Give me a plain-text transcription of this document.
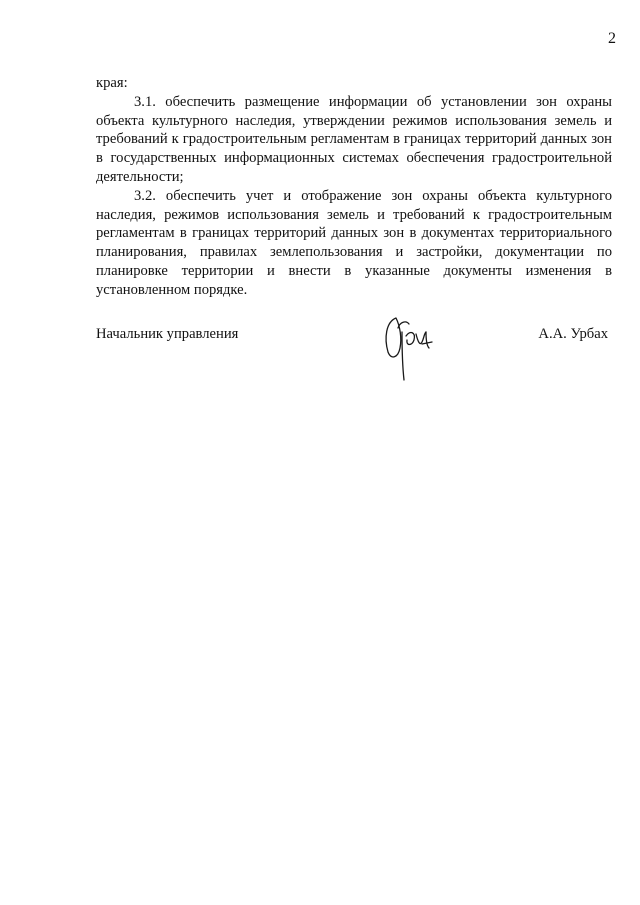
2

края:

3.1. обеспечить размещение информации об установлении зон охраны объекта культурного наследия, утверждении режимов использования земель и требований к градостроительным регламентам в границах территорий данных зон в государственных информационных системах обеспечения градостроительной деятельности;

3.2. обеспечить учет и отображение зон охраны объекта культурного наследия, режимов использования земель и требований к градостроительным регламентам в границах территорий данных зон в документах территориального планирования, правилах землепользования и застройки, документации по планировке территории и внести в указанные документы изменения в установленном порядке.

Начальник управления	А.А. Урбах
